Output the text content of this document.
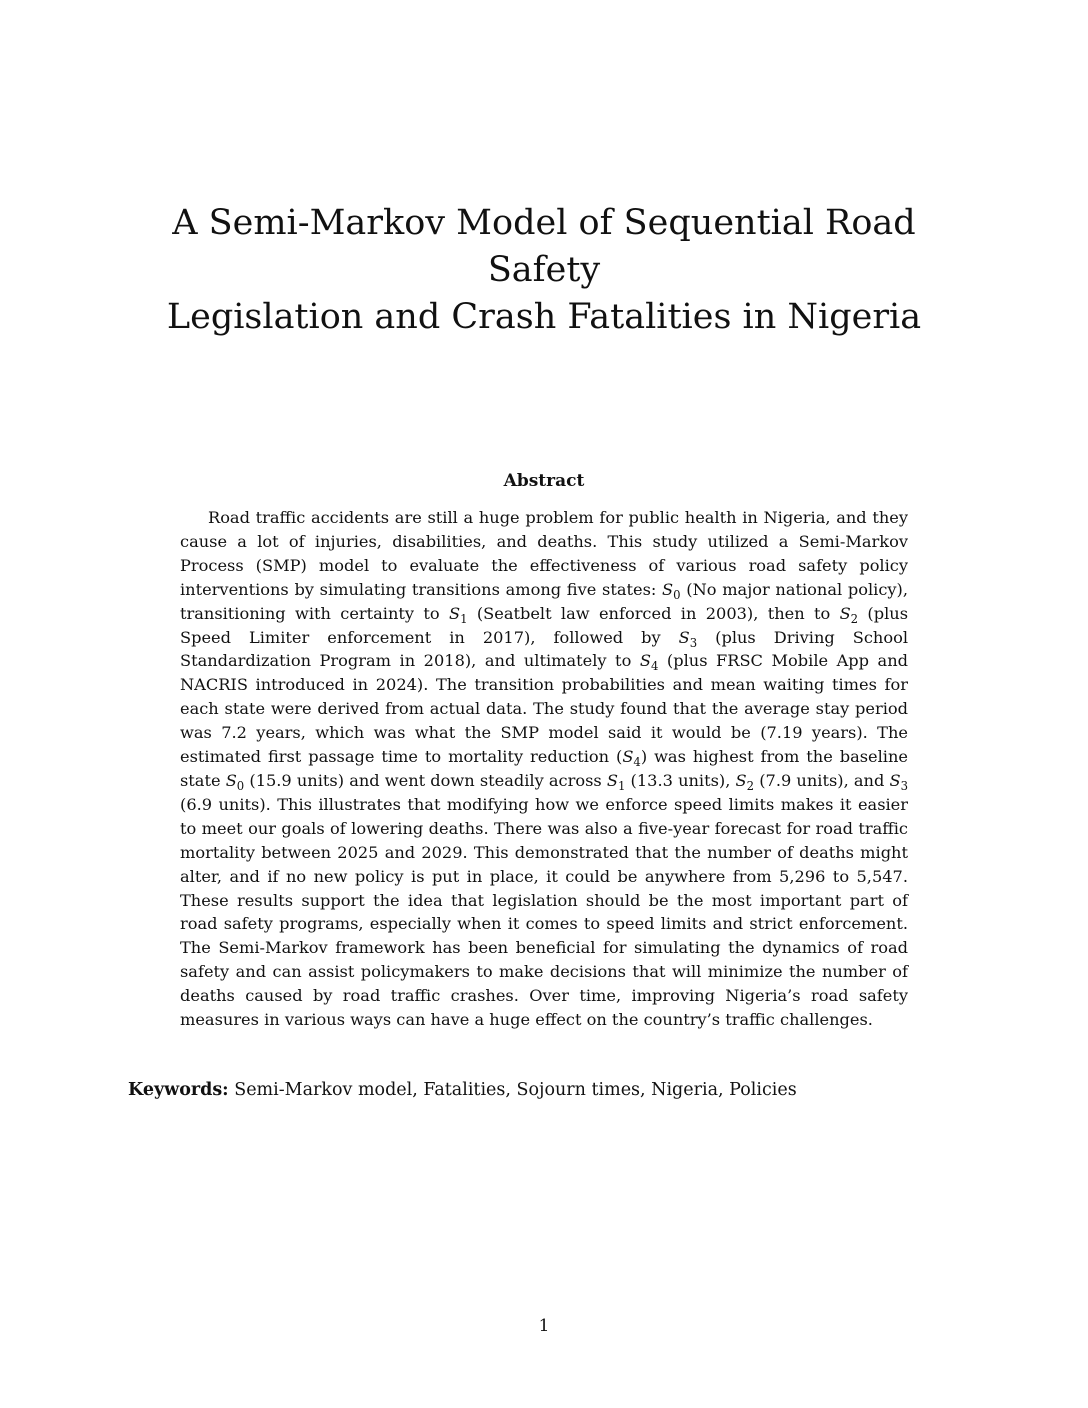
A Semi-Markov Model of Sequential Road Safety
Legislation and Crash Fatalities in Nigeria
Abstract

Road traffic accidents are still a huge problem for public health in Nigeria, and they cause a lot of injuries, disabilities, and deaths. This study utilized a Semi-Markov Process (SMP) model to evaluate the effectiveness of various road safety policy interventions by simulating transitions among five states: $S_0$ (No major national policy), transitioning with certainty to $S_1$ (Seatbelt law enforced in 2003), then to $S_2$ (plus Speed Limiter enforcement in 2017), followed by $S_3$ (plus Driving School Standardization Program in 2018), and ultimately to $S_4$ (plus FRSC Mobile App and NACRIS introduced in 2024). The transition probabilities and mean waiting times for each state were derived from actual data. The study found that the average stay period was 7.2 years, which was what the SMP model said it would be (7.19 years). The estimated first passage time to mortality reduction $(S_4)$ was highest from the baseline state $S_0$ (15.9 units) and went down steadily across $S_1$ (13.3 units), $S_2$ (7.9 units), and $S_3$ (6.9 units). This illustrates that modifying how we enforce speed limits makes it easier to meet our goals of lowering deaths. There was also a five-year forecast for road traffic mortality between 2025 and 2029. This demonstrated that the number of deaths might alter, and if no new policy is put in place, it could be anywhere from 5,296 to 5,547. These results support the idea that legislation should be the most important part of road safety programs, especially when it comes to speed limits and strict enforcement. The Semi-Markov framework has been beneficial for simulating the dynamics of road safety and can assist policymakers to make decisions that will minimize the number of deaths caused by road traffic crashes. Over time, improving Nigeria’s road safety measures in various ways can have a huge effect on the country’s traffic challenges.

Keywords: Semi-Markov model, Fatalities, Sojourn times, Nigeria, Policies

1
